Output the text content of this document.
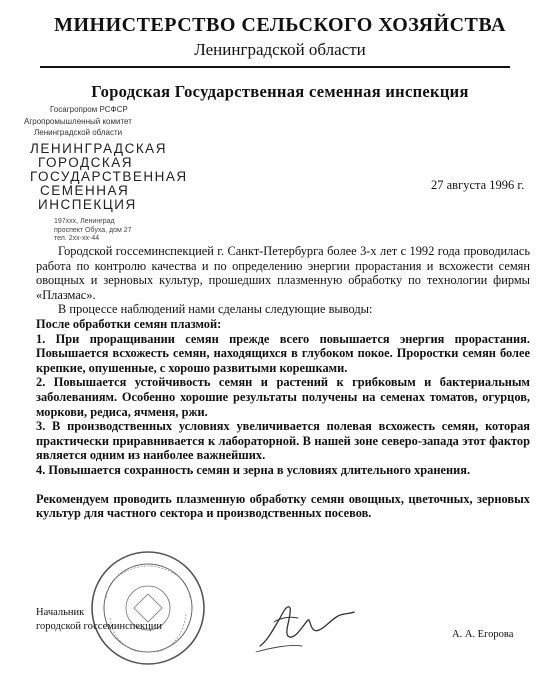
МИНИСТЕРСТВО СЕЛЬСКОГО ХОЗЯЙСТВА
Ленинградской области
Городская Государственная семенная инспекция
Госагропром РСФСР
Агропромышленный комитет
Ленинградской области
ЛЕНИНГРАДСКАЯ
ГОРОДСКАЯ
ГОСУДАРСТВЕННАЯ
СЕМЕННАЯ
ИНСПЕКЦИЯ
197xxx, Ленинград
проспект Обуха, дом 27
тел. 2xx-xx-44
27 августа 1996 г.

Городской госсеминспекцией г. Санкт-Петербурга более 3-х лет с 1992 года проводилась работа по контролю качества и по определению энергии прорастания и всхожести семян овощных и зерновых культур, прошедших плазменную обработку по технологии фирмы «Плазмас».

В процессе наблюдений нами сделаны следующие выводы:

После обработки семян плазмой:

1. При проращивании семян прежде всего повышается энергия прорастания. Повышается всхожесть семян, находящихся в глубоком покое. Проростки семян более крепкие, опушенные, с хорошо развитыми корешками.

2. Повышается устойчивость семян и растений к грибковым и бактериальным заболеваниям. Особенно хорошие результаты получены на семенах томатов, огурцов, моркови, редиса, ячменя, ржи.

3. В производственных условиях увеличивается полевая всхожесть семян, которая практически приравнивается к лабораторной. В нашей зоне северо-запада этот фактор является одним из наиболее важнейших.

4. Повышается сохранность семян и зерна в условиях длительного хранения.

Рекомендуем проводить плазменную обработку семян овощных, цветочных, зерновых культур для частного сектора и производственных посевов.

Начальник
городской госсеминспекции
А. А. Егорова
